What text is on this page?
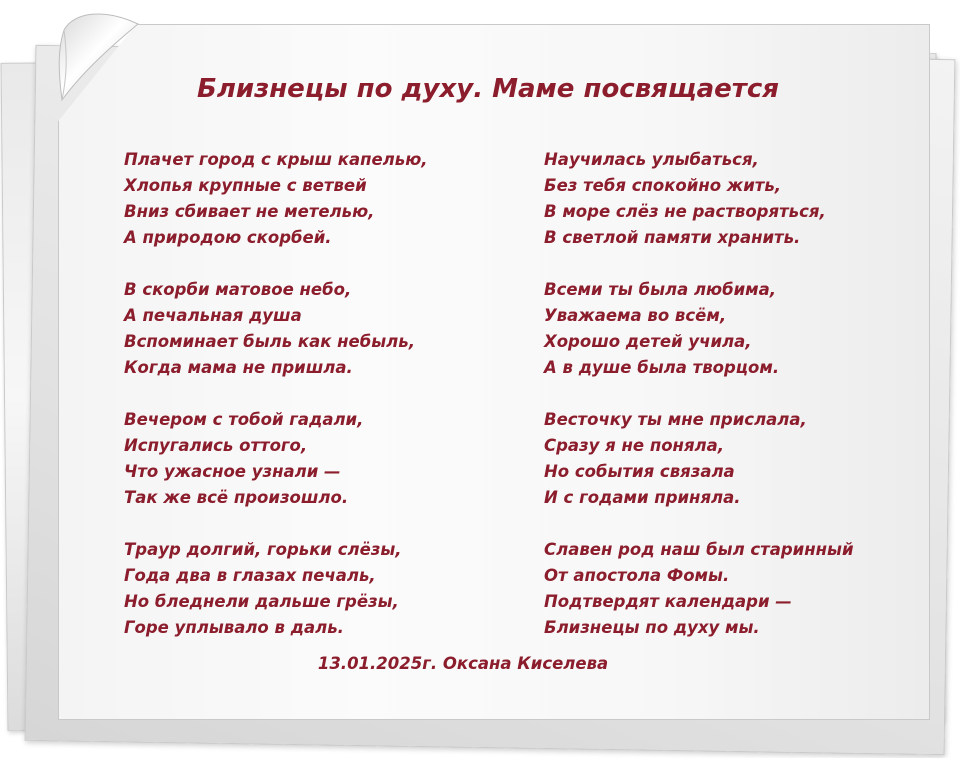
Близнецы по духу. Маме посвящается
Плачет город с крыш капелью,
Хлопья крупные с ветвей
Вниз сбивает не метелью,
А природою скорбей.
В скорби матовое небо,
А печальная душа
Вспоминает быль как небыль,
Когда мама не пришла.
Вечером с тобой гадали,
Испугались оттого,
Что ужасное узнали —
Так же всё произошло.
Траур долгий, горьки слёзы,
Года два в глазах печаль,
Но бледнели дальше грёзы,
Горе уплывало в даль.
Научилась улыбаться,
Без тебя спокойно жить,
В море слёз не растворяться,
В светлой памяти хранить.
Всеми ты была любима,
Уважаема во всём,
Хорошо детей учила,
А в душе была творцом.
Весточку ты мне прислала,
Сразу я не поняла,
Но события связала
И с годами приняла.
Славен род наш был старинный
От апостола Фомы.
Подтвердят календари —
Близнецы по духу мы.
13.01.2025г. Оксана Киселева
